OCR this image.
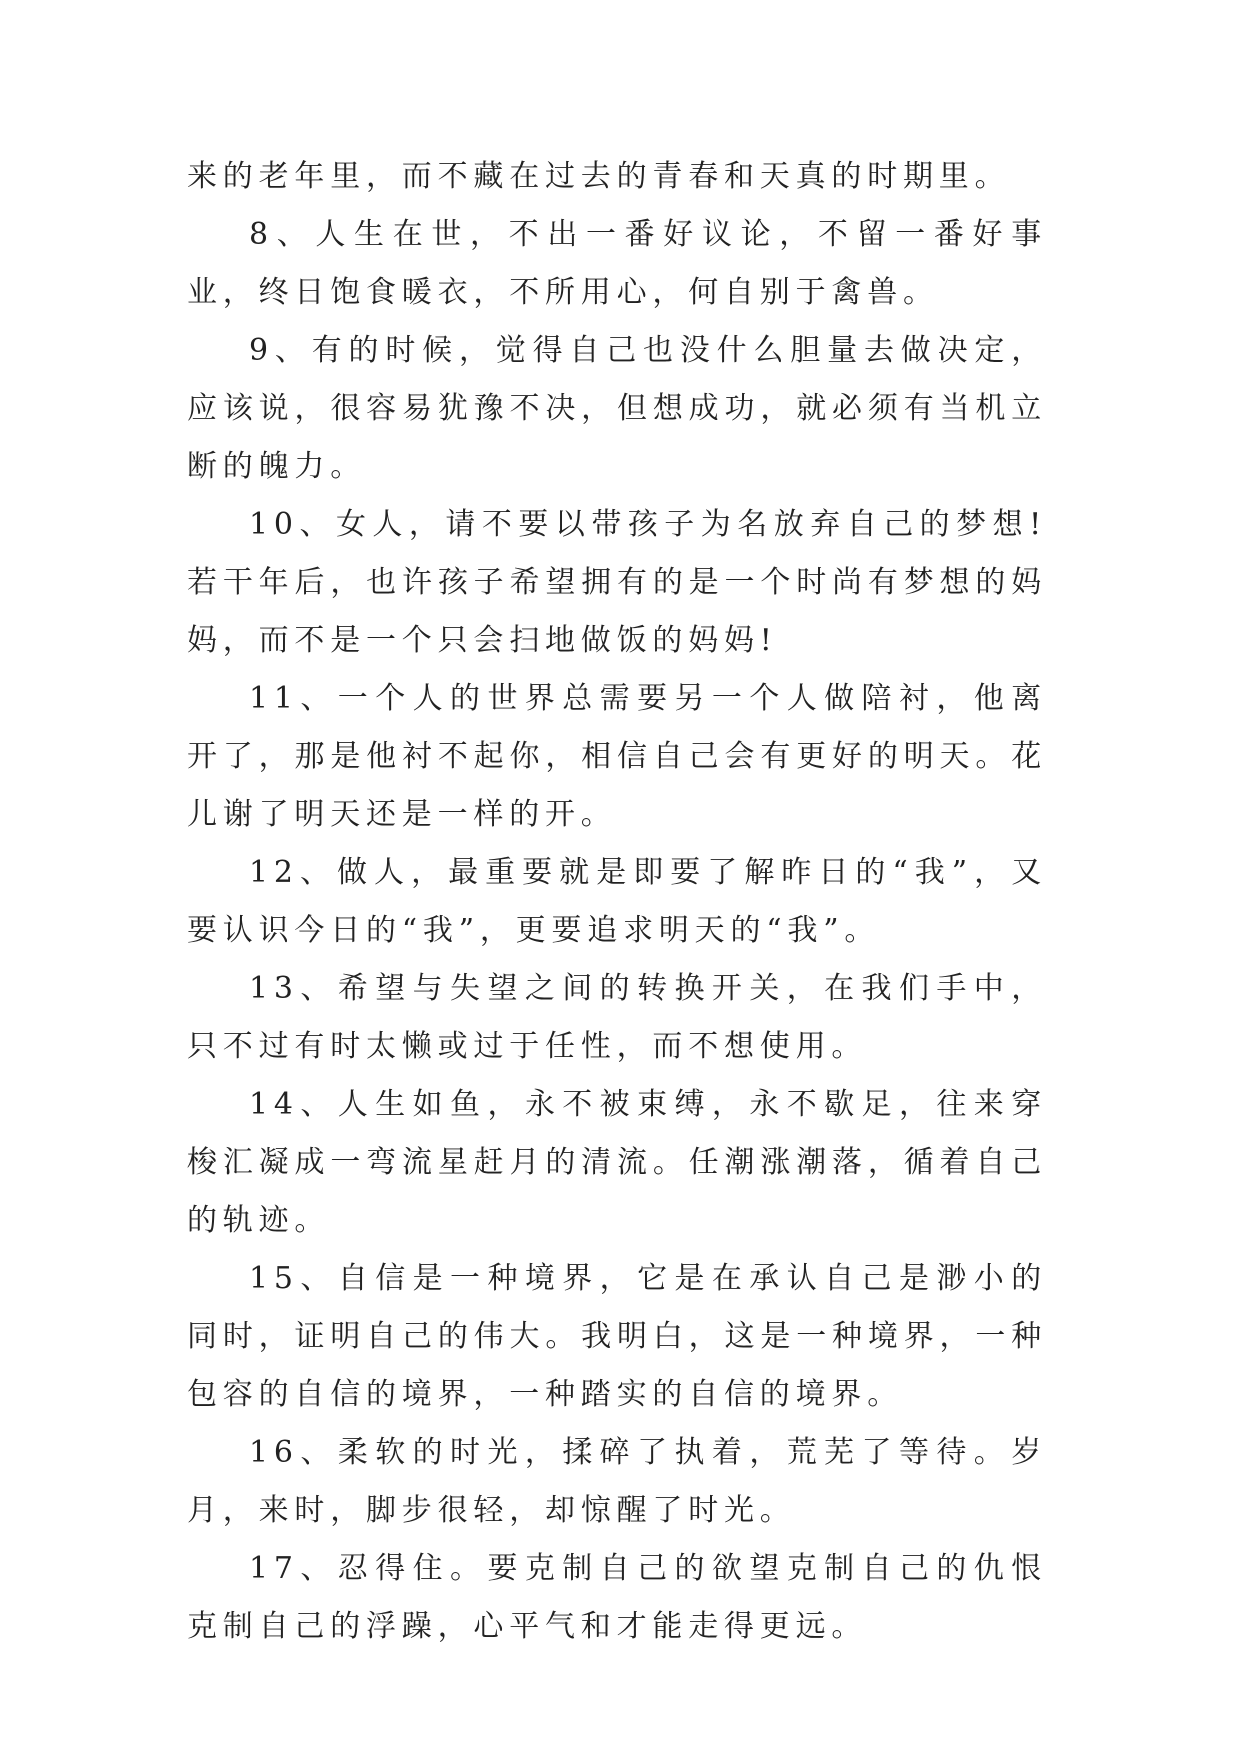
来的老年里，而不藏在过去的青春和天真的时期里。

8、人生在世，不出一番好议论，不留一番好事业，终日饱食暖衣，不所用心，何自别于禽兽。

9、有的时候，觉得自己也没什么胆量去做决定，应该说，很容易犹豫不决，但想成功，就必须有当机立断的魄力。

10、女人，请不要以带孩子为名放弃自己的梦想!若干年后，也许孩子希望拥有的是一个时尚有梦想的妈妈，而不是一个只会扫地做饭的妈妈!

11、一个人的世界总需要另一个人做陪衬，他离开了，那是他衬不起你，相信自己会有更好的明天。花儿谢了明天还是一样的开。

12、做人，最重要就是即要了解昨日的“我”，又要认识今日的“我”，更要追求明天的“我”。

13、希望与失望之间的转换开关，在我们手中，只不过有时太懒或过于任性，而不想使用。

14、人生如鱼，永不被束缚，永不歇足，往来穿梭汇凝成一弯流星赶月的清流。任潮涨潮落，循着自己的轨迹。

15、自信是一种境界，它是在承认自己是渺小的同时，证明自己的伟大。我明白，这是一种境界，一种包容的自信的境界，一种踏实的自信的境界。

16、柔软的时光，揉碎了执着，荒芜了等待。岁月，来时，脚步很轻，却惊醒了时光。

17、忍得住。要克制自己的欲望克制自己的仇恨克制自己的浮躁，心平气和才能走得更远。
